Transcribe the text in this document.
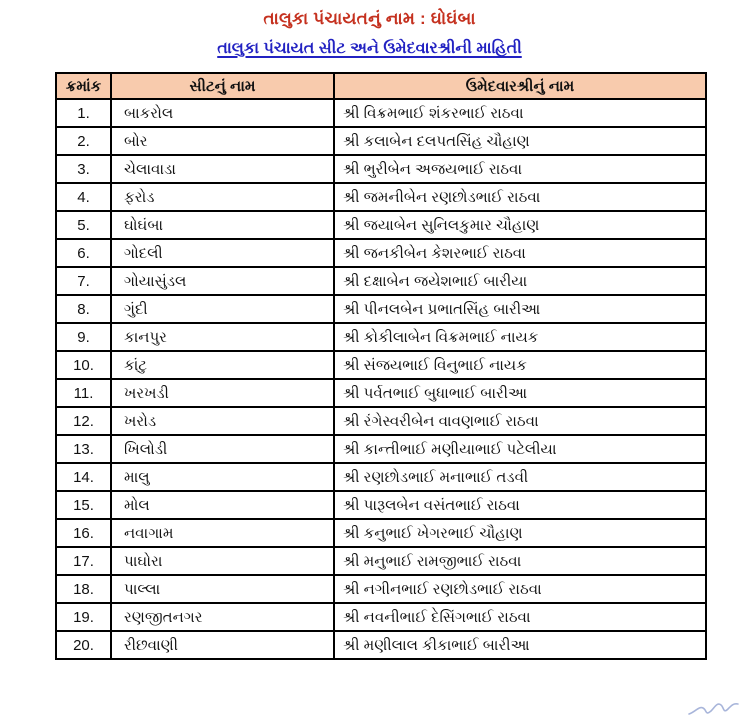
તાલુકા પંચાયતનું નામ : ઘોઘંબા
તાલુકા પંચાયત સીટ અને ઉમેદવારશ્રીની માહિતી
ક્રમાંક	સીટનું નામ	ઉમેદવારશ્રીનું નામ
1.	બાકરોલ	શ્રી વિક્રમભાઈ શંકરભાઈ રાઠવા
2.	બોર	શ્રી કલાબેન દલપતસિંહ ચૌહાણ
3.	ચેલાવાડા	શ્રી ભુરીબેન અજયભાઈ રાઠવા
4.	ફરોડ	શ્રી જમનીબેન રણછોડભાઈ રાઠવા
5.	ઘોઘંબા	શ્રી જયાબેન સુનિલકુમાર ચૌહાણ
6.	ગોદલી	શ્રી જનકીબેન કેશરભાઈ રાઠવા
7.	ગોયાસુંડલ	શ્રી દક્ષાબેન જયેશભાઈ બારીયા
8.	ગુંદી	શ્રી પીનલબેન પ્રભાતસિંહ બારીઆ
9.	કાનપુર	શ્રી કોકીલાબેન વિક્રમભાઈ નાયક
10.	કાંટુ	શ્રી સંજયભાઈ વિનુભાઈ નાયક
11.	ખરખડી	શ્રી પર્વતભાઈ બુધાભાઈ બારીઆ
12.	ખરોડ	શ્રી રંગેસ્વરીબેન વાવણભાઈ રાઠવા
13.	ખિલોડી	શ્રી કાન્તીભાઈ મણીયાભાઈ પટેલીયા
14.	માલુ	શ્રી રણછોડભાઈ મનાભાઈ તડવી
15.	મોલ	શ્રી પારૂલબેન વસંતભાઈ રાઠવા
16.	નવાગામ	શ્રી કનુભાઈ ખેગરભાઈ ચૌહાણ
17.	પાઘોરા	શ્રી મનુભાઈ રામજીભાઈ રાઠવા
18.	પાલ્લા	શ્રી નગીનભાઈ રણછોડભાઈ રાઠવા
19.	રણજીતનગર	શ્રી નવનીભાઈ દેસિંગભાઈ રાઠવા
20.	રીછવાણી	શ્રી મણીલાલ કીકાભાઈ બારીઆ
